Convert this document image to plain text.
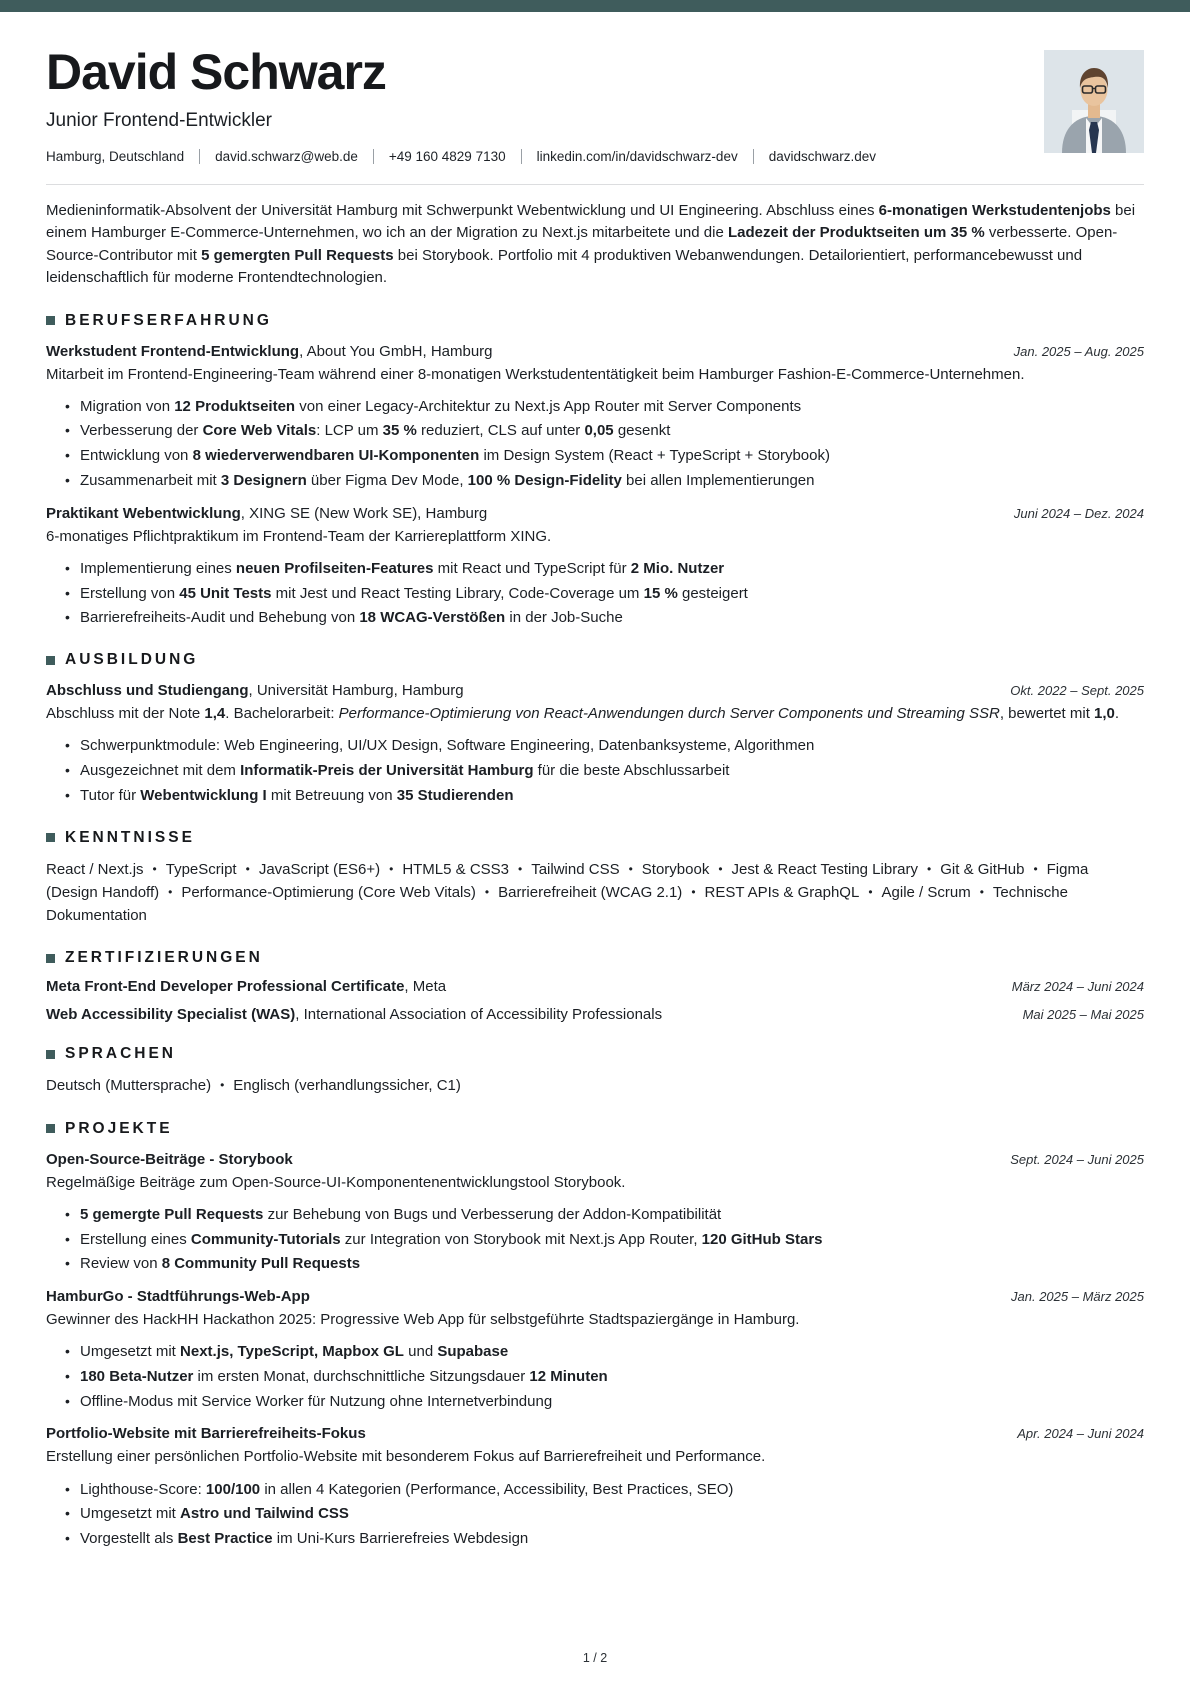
David Schwarz
Junior Frontend-Entwickler
Hamburg, Deutschland david.schwarz@web.de +49 160 4829 7130 linkedin.com/in/davidschwarz-dev davidschwarz.dev

Medieninformatik-Absolvent der Universität Hamburg mit Schwerpunkt Webentwicklung und UI Engineering. Abschluss eines 6-monatigen Werkstudentenjobs bei einem Hamburger E-Commerce-Unternehmen, wo ich an der Migration zu Next.js mitarbeitete und die Ladezeit der Produktseiten um 35 % verbesserte. Open-Source-Contributor mit 5 gemergten Pull Requests bei Storybook. Portfolio mit 4 produktiven Webanwendungen. Detailorientiert, performancebewusst und leidenschaftlich für moderne Frontendtechnologien.

BERUFSERFAHRUNG
Werkstudent Frontend-Entwicklung, About You GmbH, Hamburg	Jan. 2025 – Aug. 2025

Mitarbeit im Frontend-Engineering-Team während einer 8-monatigen Werkstudententätigkeit beim Hamburger Fashion-E-Commerce-Unternehmen.

• Migration von 12 Produktseiten von einer Legacy-Architektur zu Next.js App Router mit Server Components
• Verbesserung der Core Web Vitals: LCP um 35 % reduziert, CLS auf unter 0,05 gesenkt
• Entwicklung von 8 wiederverwendbaren UI-Komponenten im Design System (React + TypeScript + Storybook)
• Zusammenarbeit mit 3 Designern über Figma Dev Mode, 100 % Design-Fidelity bei allen Implementierungen
Praktikant Webentwicklung, XING SE (New Work SE), Hamburg	Juni 2024 – Dez. 2024

6-monatiges Pflichtpraktikum im Frontend-Team der Karriereplattform XING.

• Implementierung eines neuen Profilseiten-Features mit React und TypeScript für 2 Mio. Nutzer
• Erstellung von 45 Unit Tests mit Jest und React Testing Library, Code-Coverage um 15 % gesteigert
• Barrierefreiheits-Audit und Behebung von 18 WCAG-Verstößen in der Job-Suche
AUSBILDUNG
Abschluss und Studiengang, Universität Hamburg, Hamburg	Okt. 2022 – Sept. 2025

Abschluss mit der Note 1,4. Bachelorarbeit: Performance-Optimierung von React-Anwendungen durch Server Components und Streaming SSR, bewertet mit 1,0.

• Schwerpunktmodule: Web Engineering, UI/UX Design, Software Engineering, Datenbanksysteme, Algorithmen
• Ausgezeichnet mit dem Informatik-Preis der Universität Hamburg für die beste Abschlussarbeit
• Tutor für Webentwicklung I mit Betreuung von 35 Studierenden
KENNTNISSE

React / Next.js • TypeScript • JavaScript (ES6+) • HTML5 & CSS3 • Tailwind CSS • Storybook • Jest & React Testing Library • Git & GitHub • Figma (Design Handoff) • Performance-Optimierung (Core Web Vitals) • Barrierefreiheit (WCAG 2.1) • REST APIs & GraphQL • Agile / Scrum • Technische Dokumentation

ZERTIFIZIERUNGEN
Meta Front-End Developer Professional Certificate, Meta	März 2024 – Juni 2024
Web Accessibility Specialist (WAS), International Association of Accessibility Professionals	Mai 2025 – Mai 2025
SPRACHEN

Deutsch (Muttersprache) • Englisch (verhandlungssicher, C1)

PROJEKTE
Open-Source-Beiträge - Storybook	Sept. 2024 – Juni 2025

Regelmäßige Beiträge zum Open-Source-UI-Komponentenentwicklungstool Storybook.

• 5 gemergte Pull Requests zur Behebung von Bugs und Verbesserung der Addon-Kompatibilität
• Erstellung eines Community-Tutorials zur Integration von Storybook mit Next.js App Router, 120 GitHub Stars
• Review von 8 Community Pull Requests
HamburGo - Stadtführungs-Web-App	Jan. 2025 – März 2025

Gewinner des HackHH Hackathon 2025: Progressive Web App für selbstgeführte Stadtspaziergänge in Hamburg.

• Umgesetzt mit Next.js, TypeScript, Mapbox GL und Supabase
• 180 Beta-Nutzer im ersten Monat, durchschnittliche Sitzungsdauer 12 Minuten
• Offline-Modus mit Service Worker für Nutzung ohne Internetverbindung
Portfolio-Website mit Barrierefreiheits-Fokus	Apr. 2024 – Juni 2024

Erstellung einer persönlichen Portfolio-Website mit besonderem Fokus auf Barrierefreiheit und Performance.

• Lighthouse-Score: 100/100 in allen 4 Kategorien (Performance, Accessibility, Best Practices, SEO)
• Umgesetzt mit Astro und Tailwind CSS
• Vorgestellt als Best Practice im Uni-Kurs Barrierefreies Webdesign
1 / 2
